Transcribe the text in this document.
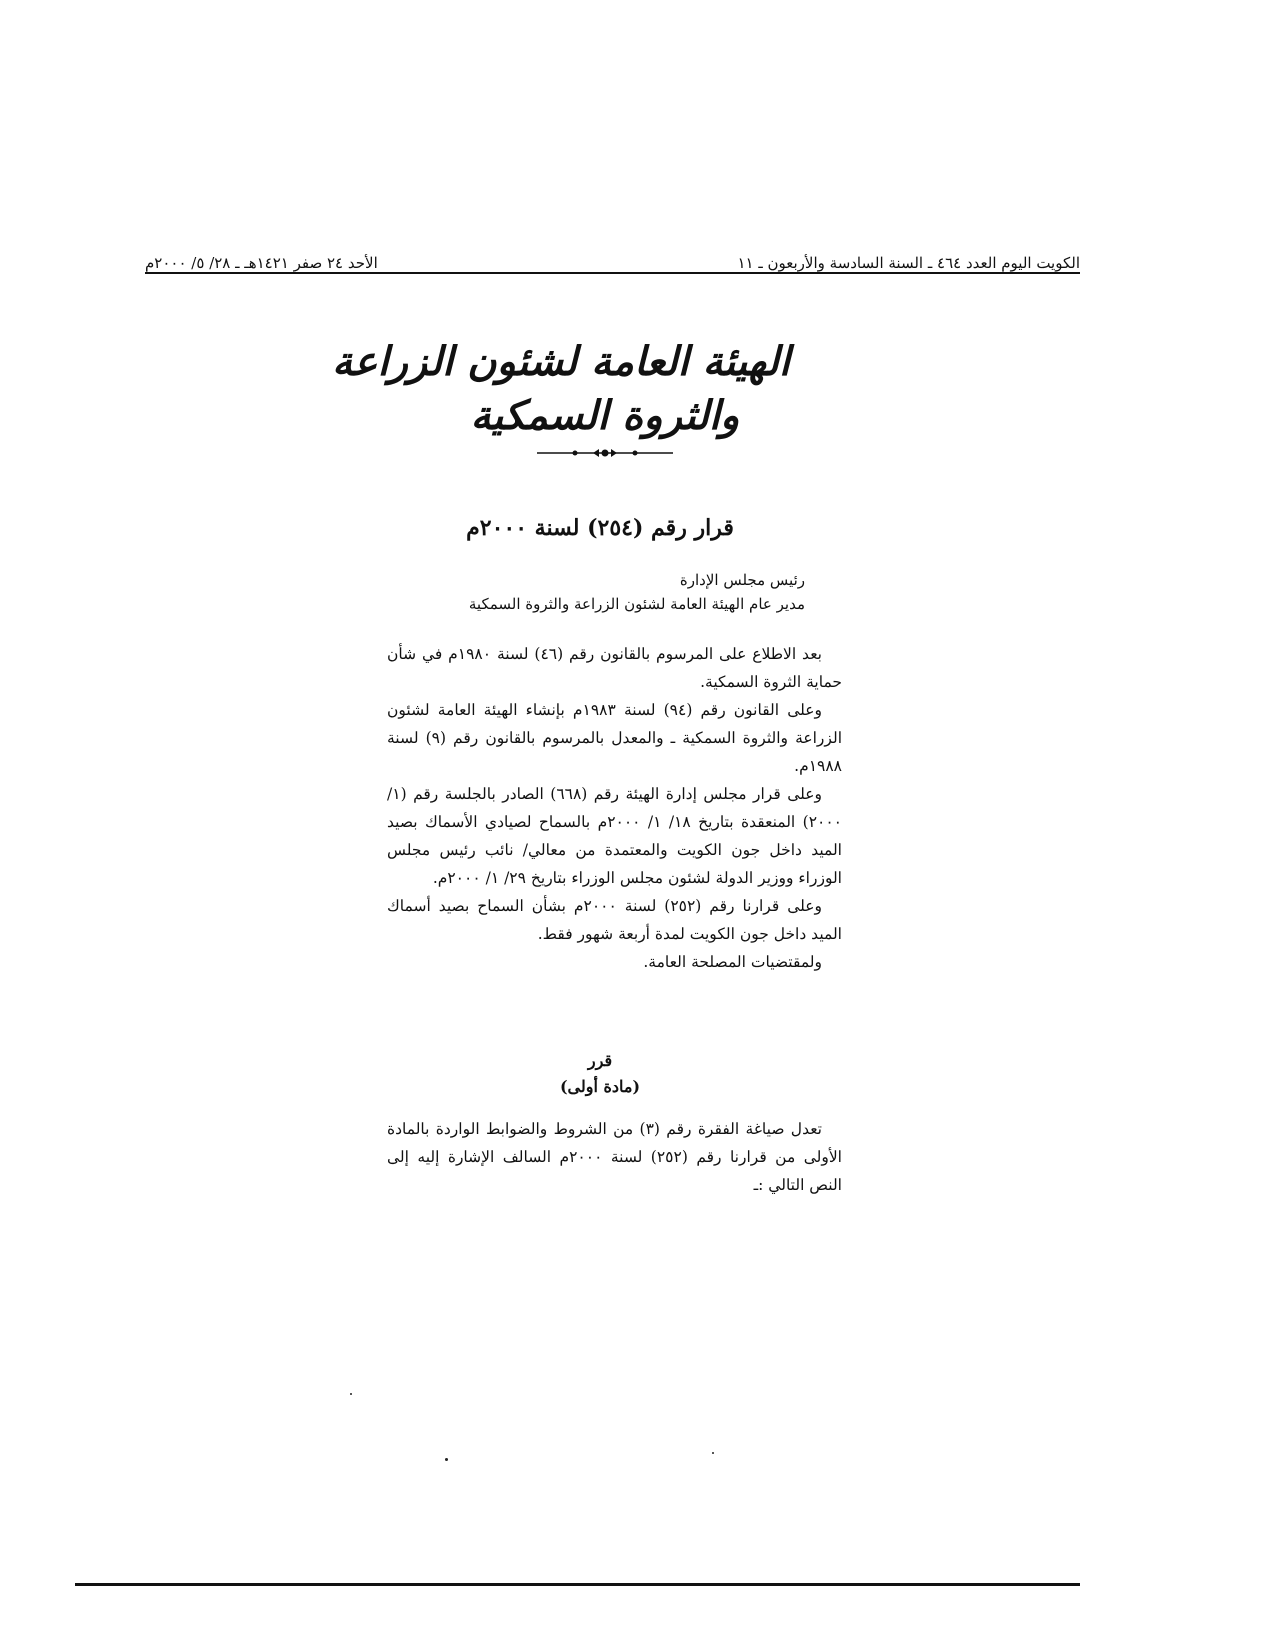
الكويت اليوم العدد ٤٦٤ ـ السنة السادسة والأربعون ـ ١١
الأحد ٢٤ صفر ١٤٢١هـ ـ ٢٨/ ٥/ ٢٠٠٠م
الهيئة العامة لشئون الزراعة
والثروة السمكية
قرار رقم (٢٥٤) لسنة ٢٠٠٠م
رئيس مجلس الإدارة
مدير عام الهيئة العامة لشئون الزراعة والثروة السمكية

بعد الاطلاع على المرسوم بالقانون رقم (٤٦) لسنة ١٩٨٠م في شأن حماية الثروة السمكية.

وعلى القانون رقم (٩٤) لسنة ١٩٨٣م بإنشاء الهيئة العامة لشئون الزراعة والثروة السمكية ـ والمعدل بالمرسوم بالقانون رقم (٩) لسنة ١٩٨٨م.

وعلى قرار مجلس إدارة الهيئة رقم (٦٦٨) الصادر بالجلسة رقم (١/ ٢٠٠٠) المنعقدة بتاريخ ١٨/ ١/ ٢٠٠٠م بالسماح لصيادي الأسماك بصيد الميد داخل جون الكويت والمعتمدة من معالي/ نائب رئيس مجلس الوزراء ووزير الدولة لشئون مجلس الوزراء بتاريخ ٢٩/ ١/ ٢٠٠٠م.

وعلى قرارنا رقم (٢٥٢) لسنة ٢٠٠٠م بشأن السماح بصيد أسماك الميد داخل جون الكويت لمدة أربعة شهور فقط.

ولمقتضيات المصلحة العامة.

قرر
(مادة أولى)

تعدل صياغة الفقرة رقم (٣) من الشروط والضوابط الواردة بالمادة الأولى من قرارنا رقم (٢٥٢) لسنة ٢٠٠٠م السالف الإشارة إليه إلى النص التالي :ـ
